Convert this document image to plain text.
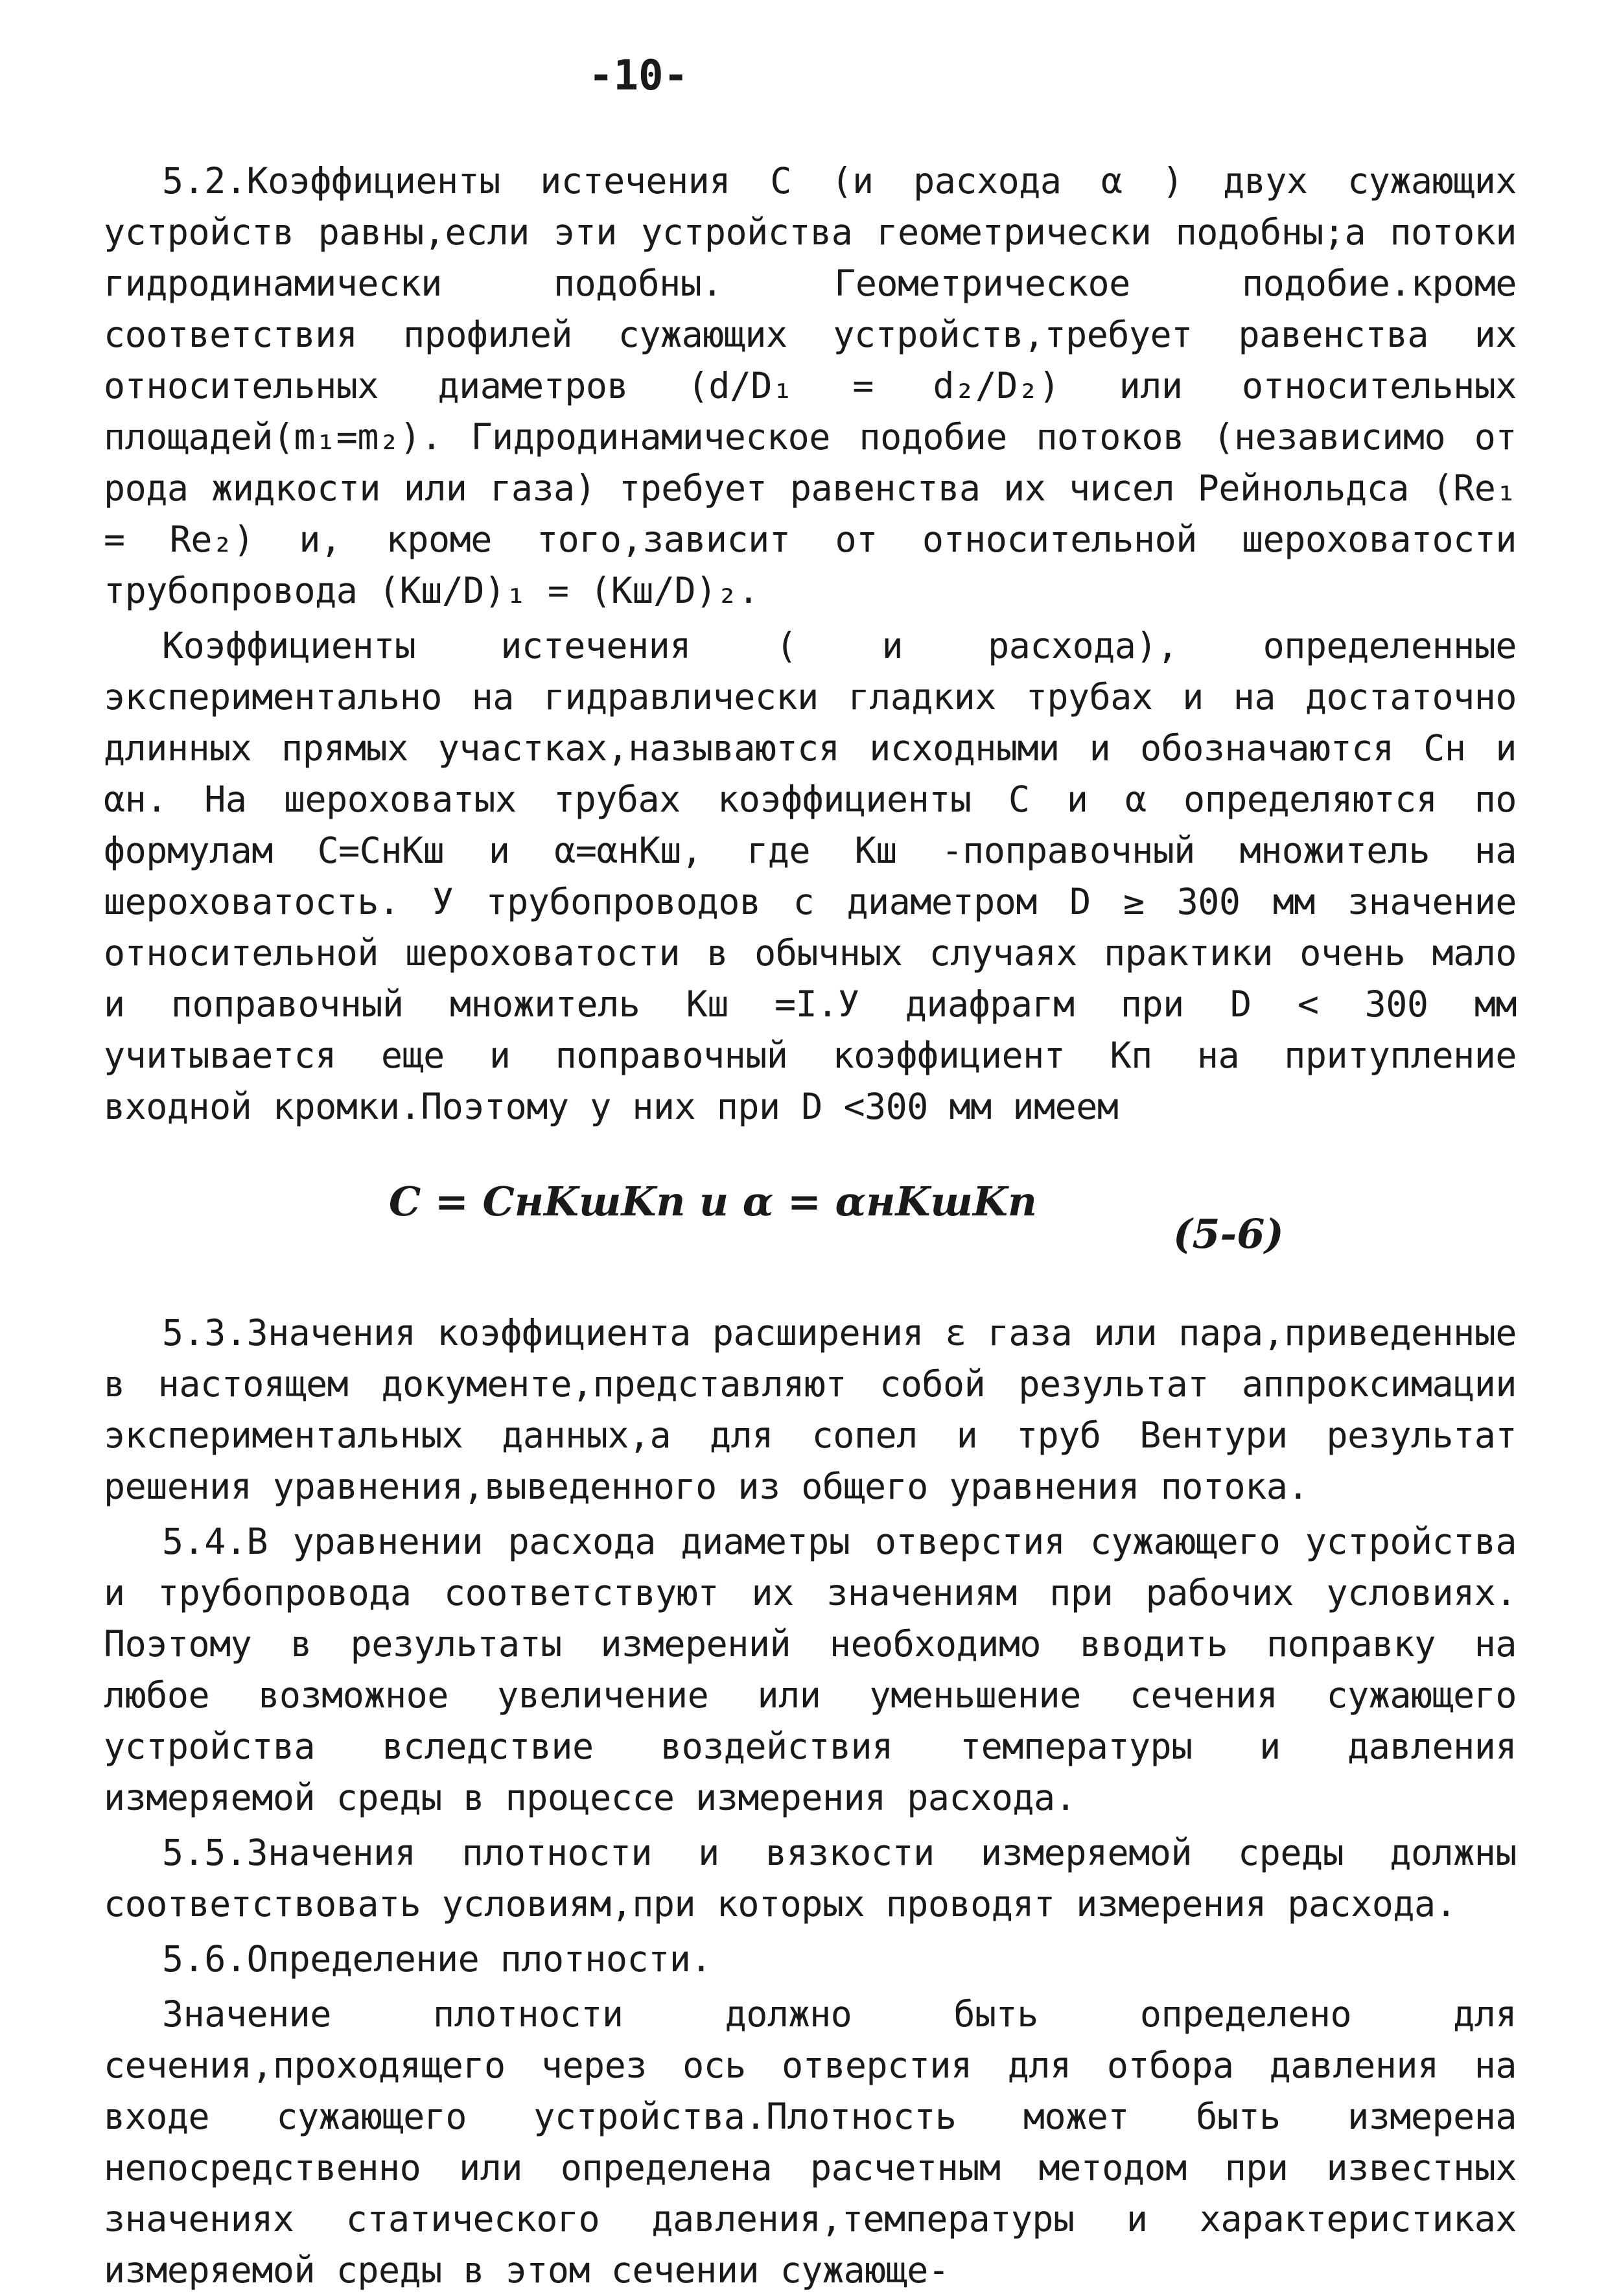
-10-

5.2.Коэффициенты истечения С (и расхода α ) двух сужающих устройств равны,если эти устройства геометрически подобны;а потоки гидродинамически подобны. Геометрическое подобие.кроме соответствия профилей сужающих устройств,требует равенства их относительных диаметров (d/D₁ = d₂/D₂) или относительных площадей(m₁=m₂). Гидродинамическое подобие потоков (независимо от рода жидкости или газа) требует равенства их чисел Рейнольдса (Re₁ = Re₂) и, кроме того,зависит от относительной шероховатости трубопровода (Kш/D)₁ = (Kш/D)₂.

Коэффициенты истечения ( и расхода), определенные экспериментально на гидравлически гладких трубах и на достаточно длинных прямых участках,называются исходными и обозначаются Cн и αн. На шероховатых трубах коэффициенты С и α определяются по формулам С=CнKш и α=αнKш, где Kш -поправочный множитель на шероховатость. У трубопроводов с диаметром D ≥ 300 мм значение относительной шероховатости в обычных случаях практики очень мало и поправочный множитель Kш =I.У диафрагм при D < 300 мм учитывается еще и поправочный коэффициент Kп на притупление входной кромки.Поэтому у них при D <300 мм имеем

C = CнKшKп и α = αнKшKп
(5-6)

5.3.Значения коэффициента расширения ε газа или пара,приведенные в настоящем документе,представляют собой результат аппроксимации экспериментальных данных,а для сопел и труб Вентури результат решения уравнения,выведенного из общего уравнения потока.

5.4.В уравнении расхода диаметры отверстия сужающего устройства и трубопровода соответствуют их значениям при рабочих условиях. Поэтому в результаты измерений необходимо вводить поправку на любое возможное увеличение или уменьшение сечения сужающего устройства вследствие воздействия температуры и давления измеряемой среды в процессе измерения расхода.

5.5.Значения плотности и вязкости измеряемой среды должны соответствовать условиям,при которых проводят измерения расхода.

5.6.Определение плотности.

Значение плотности должно быть определено для сечения,проходящего через ось отверстия для отбора давления на входе сужающего устройства.Плотность может быть измерена непосредственно или определена расчетным методом при известных значениях статического давления,температуры и характеристиках измеряемой среды в этом сечении сужающе-
